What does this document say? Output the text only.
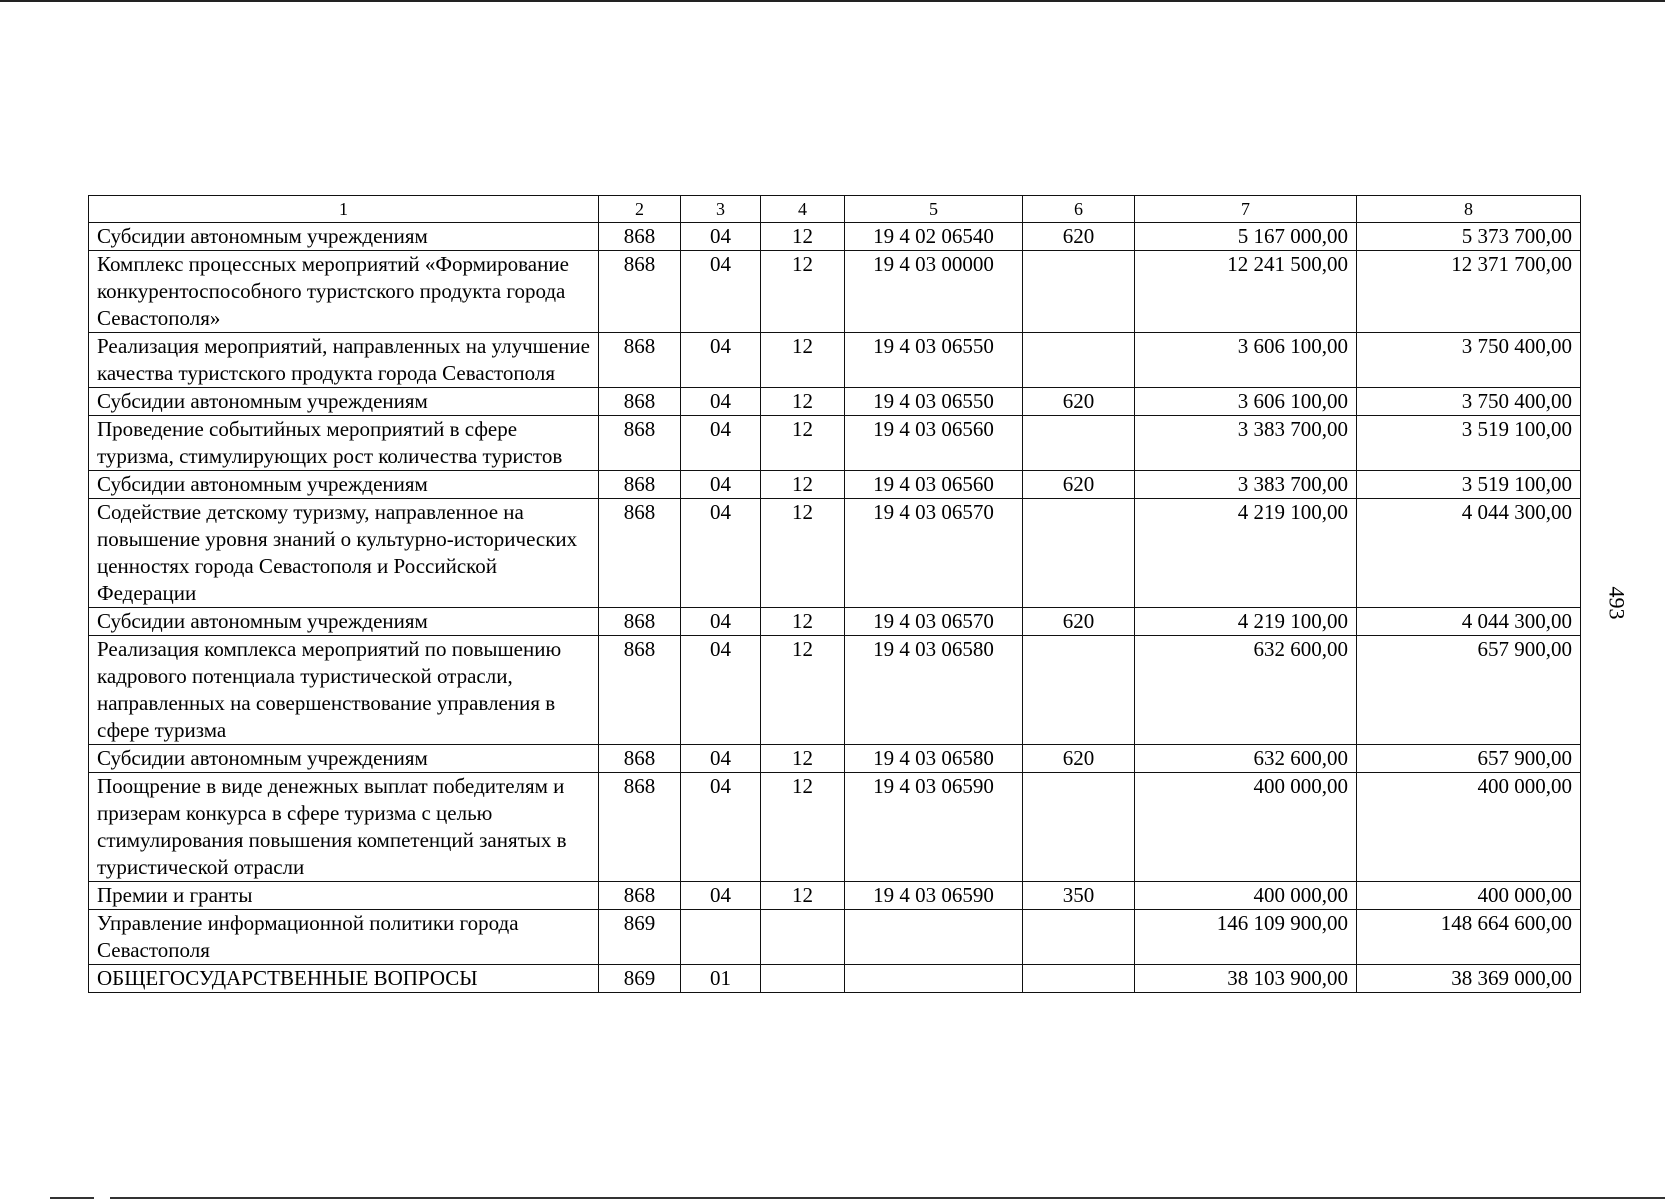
1	2	3	4	5	6	7	8
Субсидии автономным учреждениям	868	04	12	19 4 02 06540	620	5 167 000,00	5 373 700,00
Комплекс процессных мероприятий «Формирование конкурентоспособного туристского продукта города Севастополя»	868	04	12	19 4 03 00000		12 241 500,00	12 371 700,00
Реализация мероприятий, направленных на улучшение качества туристского продукта города Севастополя	868	04	12	19 4 03 06550		3 606 100,00	3 750 400,00
Субсидии автономным учреждениям	868	04	12	19 4 03 06550	620	3 606 100,00	3 750 400,00
Проведение событийных мероприятий в сфере туризма, стимулирующих рост количества туристов	868	04	12	19 4 03 06560		3 383 700,00	3 519 100,00
Субсидии автономным учреждениям	868	04	12	19 4 03 06560	620	3 383 700,00	3 519 100,00
Содействие детскому туризму, направленное на повышение уровня знаний о культурно-исторических ценностях города Севастополя и Российской Федерации	868	04	12	19 4 03 06570		4 219 100,00	4 044 300,00
Субсидии автономным учреждениям	868	04	12	19 4 03 06570	620	4 219 100,00	4 044 300,00
Реализация комплекса мероприятий по повышению кадрового потенциала туристической отрасли, направленных на совершенствование управления в сфере туризма	868	04	12	19 4 03 06580		632 600,00	657 900,00
Субсидии автономным учреждениям	868	04	12	19 4 03 06580	620	632 600,00	657 900,00
Поощрение в виде денежных выплат победителям и призерам конкурса в сфере туризма с целью стимулирования повышения компетенций занятых в туристической отрасли	868	04	12	19 4 03 06590		400 000,00	400 000,00
Премии и гранты	868	04	12	19 4 03 06590	350	400 000,00	400 000,00
Управление информационной политики города Севастополя	869					146 109 900,00	148 664 600,00
ОБЩЕГОСУДАРСТВЕННЫЕ ВОПРОСЫ	869	01				38 103 900,00	38 369 000,00
493
